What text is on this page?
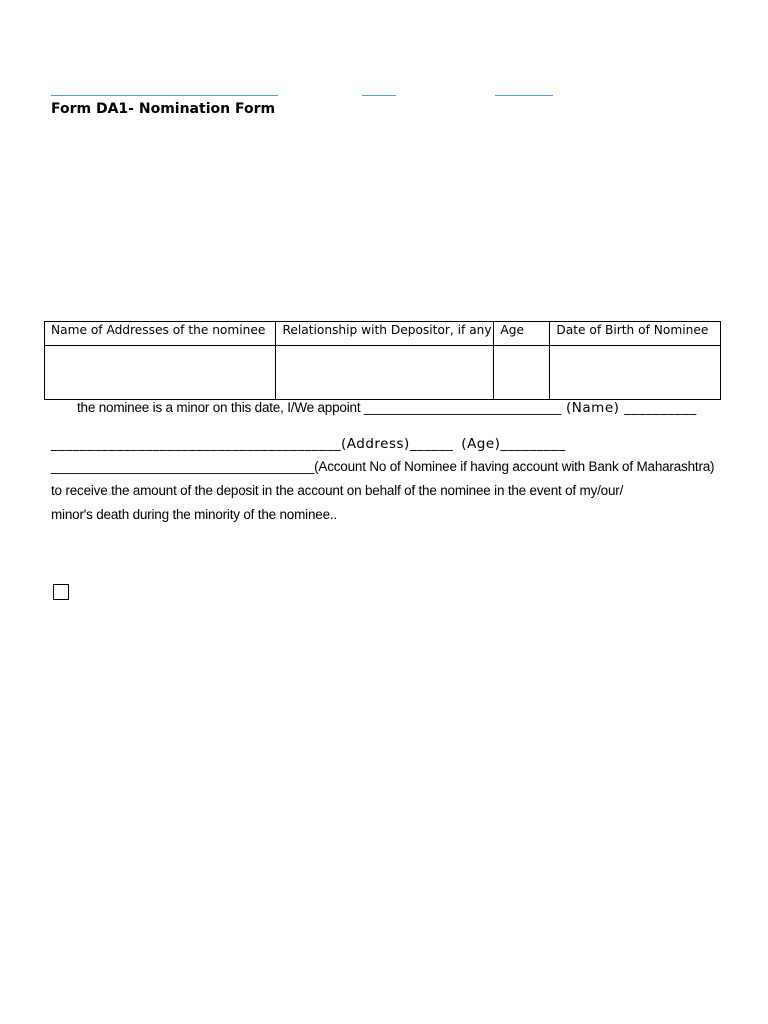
Form DA1- Nomination Form
Name of Addresses of the nominee	Relationship with Depositor, if any	Age	Date of Birth of Nominee

the nominee is a minor on this date, I/We appoint ___________________________ (Name) __________
________________________________________(Address)______ (Age)_________
____________________________________(Account No of Nominee if having account with Bank of Maharashtra)
to receive the amount of the deposit in the account on behalf of the nominee in the event of my/our/
minor's death during the minority of the nominee..
